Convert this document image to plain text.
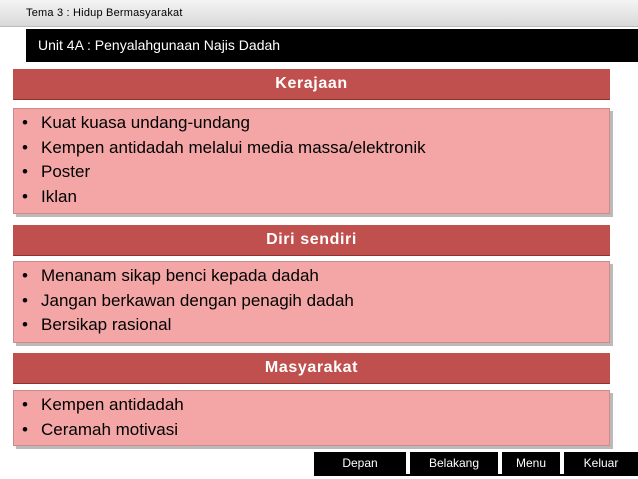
Tema 3 : Hidup Bermasyarakat
Unit 4A : Penyalahgunaan Najis Dadah
Kerajaan
• Kuat kuasa undang-undang
• Kempen antidadah melalui media massa/elektronik
• Poster
• Iklan
Diri sendiri
• Menanam sikap benci kepada dadah
• Jangan berkawan dengan penagih dadah
• Bersikap rasional
Masyarakat
• Kempen antidadah
• Ceramah motivasi
Depan	Belakang	Menu	Keluar
